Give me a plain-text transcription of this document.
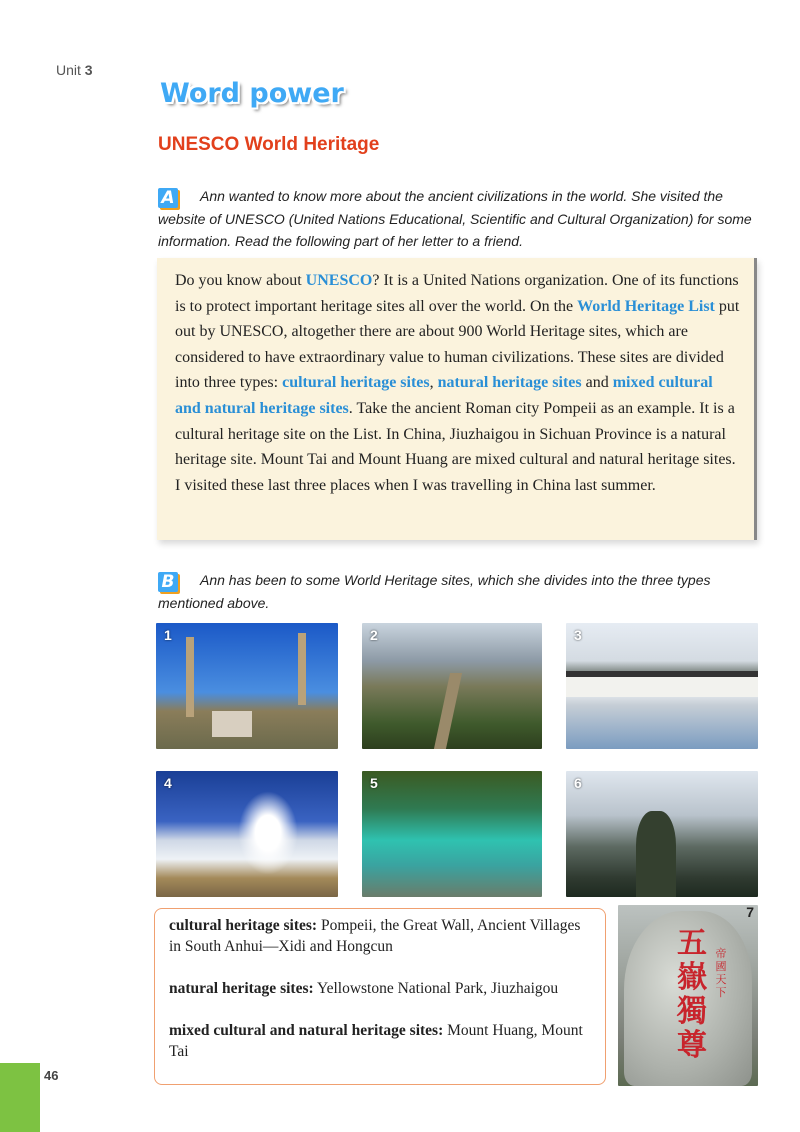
Unit 3
Word power
UNESCO World Heritage
A Ann wanted to know more about the ancient civilizations in the world. She visited the website of UNESCO (United Nations Educational, Scientific and Cultural Organization) for some information. Read the following part of her letter to a friend.
Do you know about UNESCO? It is a United Nations organization. One of its functions is to protect important heritage sites all over the world. On the World Heritage List put out by UNESCO, altogether there are about 900 World Heritage sites, which are considered to have extraordinary value to human civilizations. These sites are divided into three types: cultural heritage sites, natural heritage sites and mixed cultural and natural heritage sites. Take the ancient Roman city Pompeii as an example. It is a cultural heritage site on the List. In China, Jiuzhaigou in Sichuan Province is a natural heritage site. Mount Tai and Mount Huang are mixed cultural and natural heritage sites. I visited these last three places when I was travelling in China last summer.
B Ann has been to some World Heritage sites, which she divides into the three types mentioned above.
1	2	3
4	5	6
五嶽獨尊
帝國天下
7

cultural heritage sites: Pompeii, the Great Wall, Ancient Villages in South Anhui—Xidi and Hongcun

natural heritage sites: Yellowstone National Park, Jiuzhaigou

mixed cultural and natural heritage sites: Mount Huang, Mount Tai

46
